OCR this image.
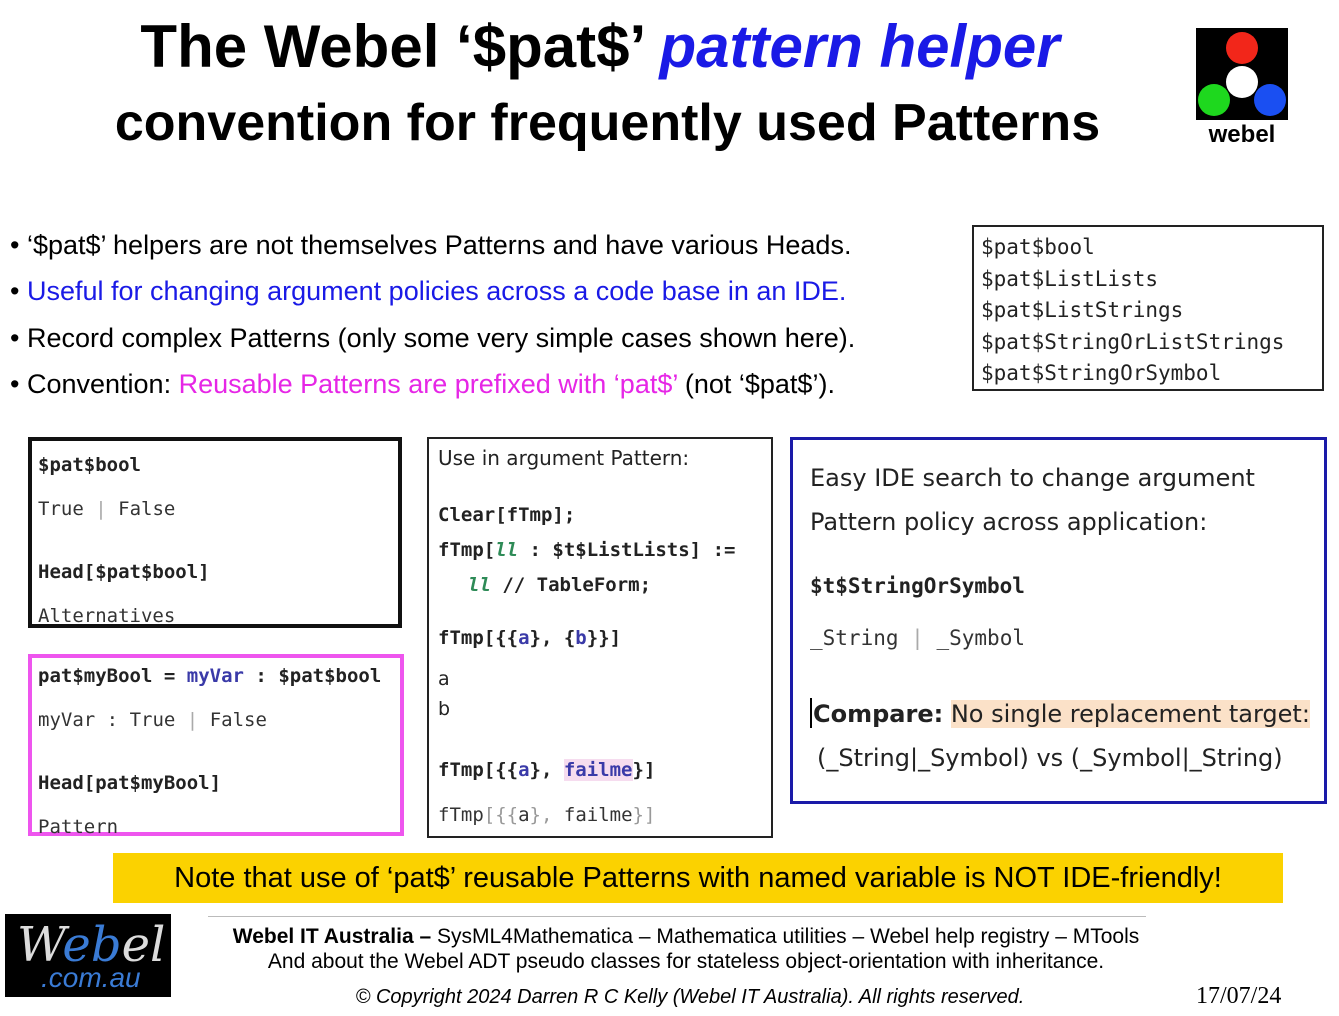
The Webel ‘$pat$’ pattern helper
convention for frequently used Patterns	webel
• ‘$pat$’ helpers are not themselves Patterns and have various Heads.
• Useful for changing argument policies across a code base in an IDE.
• Record complex Patterns (only some very simple cases shown here).
• Convention: Reusable Patterns are prefixed with ‘pat$’ (not ‘$pat$’).
$pat$bool
$pat$ListLists
$pat$ListStrings
$pat$StringOrListStrings
$pat$StringOrSymbol
$pat$bool
True | False
Head[$pat$bool]
Alternatives
pat$myBool = myVar : $pat$bool
myVar : True | False
Head[pat$myBool]
Pattern
Use in argument Pattern:
Clear[fTmp];
fTmp[ll : $t$ListLists] :=
ll // TableForm;
fTmp[{{a}, {b}}]
a
b
fTmp[{{a}, failme}]
fTmp[{{a}, failme}]
Easy IDE search to change argument
Pattern policy across application:
$t$StringOrSymbol
_String | _Symbol
Compare: No single replacement target:
(_String|_Symbol) vs (_Symbol|_String)
Note that use of ‘pat$’ reusable Patterns with named variable is NOT IDE-friendly!
Webel
.com.au
Webel IT Australia – SysML4Mathematica – Mathematica utilities – Webel help registry – MTools
And about the Webel ADT pseudo classes for stateless object-orientation with inheritance.
© Copyright 2024 Darren R C Kelly (Webel IT Australia). All rights reserved.	17/07/24
